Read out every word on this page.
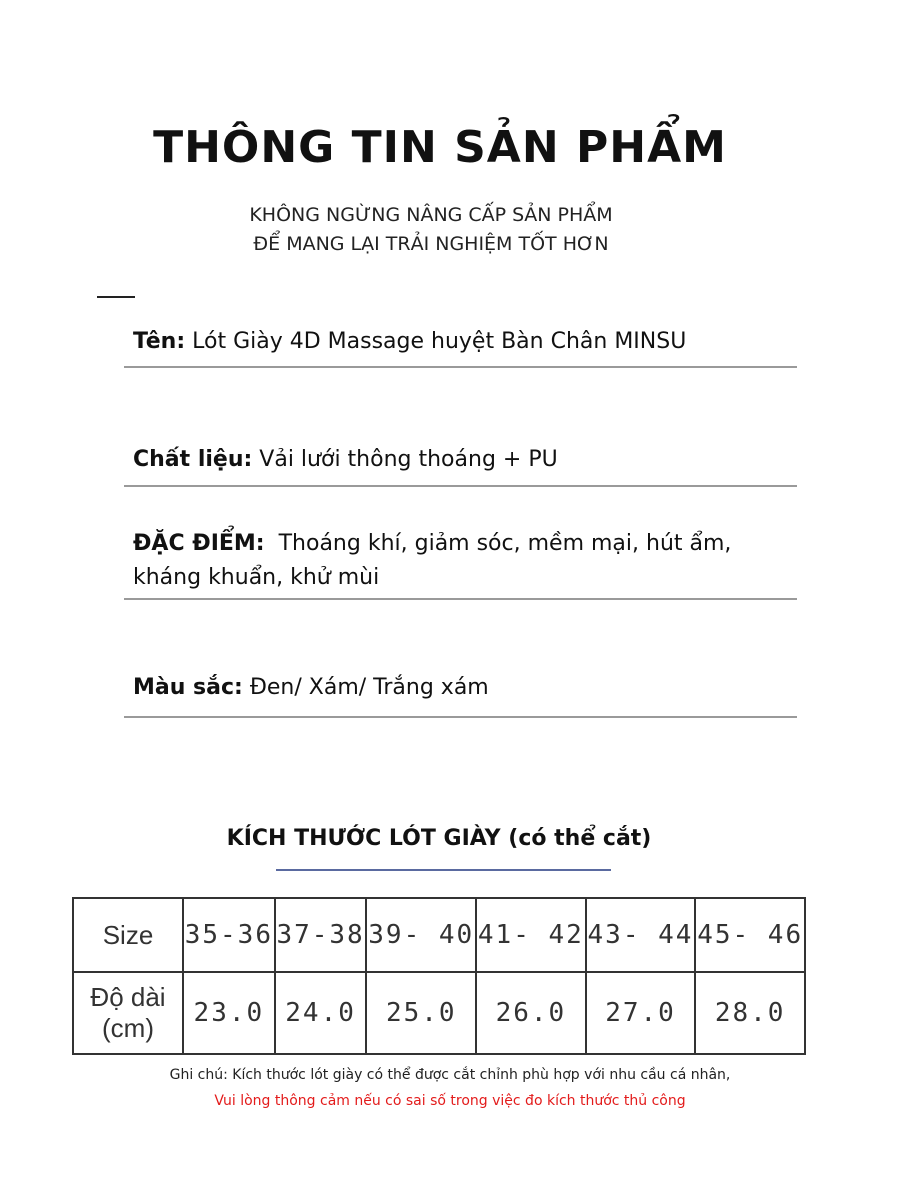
THÔNG TIN SẢN PHẨM
KHÔNG NGỪNG NÂNG CẤP SẢN PHẨM
ĐỂ MANG LẠI TRẢI NGHIỆM TỐT HƠN
Tên: Lót Giày 4D Massage huyệt Bàn Chân MINSU
Chất liệu: Vải lưới thông thoáng + PU
ĐẶC ĐIỂM: Thoáng khí, giảm sóc, mềm mại, hút ẩm, kháng khuẩn, khử mùi
Màu sắc: Đen/ Xám/ Trắng xám
KÍCH THƯỚC LÓT GIÀY (có thể cắt)
Size	35-36	37-38	39- 40	41- 42	43- 44	45- 46

Độ dài
(cm)	23.0	24.0	25.0	26.0	27.0	28.0
Ghi chú: Kích thước lót giày có thể được cắt chỉnh phù hợp với nhu cầu cá nhân,
Vui lòng thông cảm nếu có sai số trong việc đo kích thước thủ công
